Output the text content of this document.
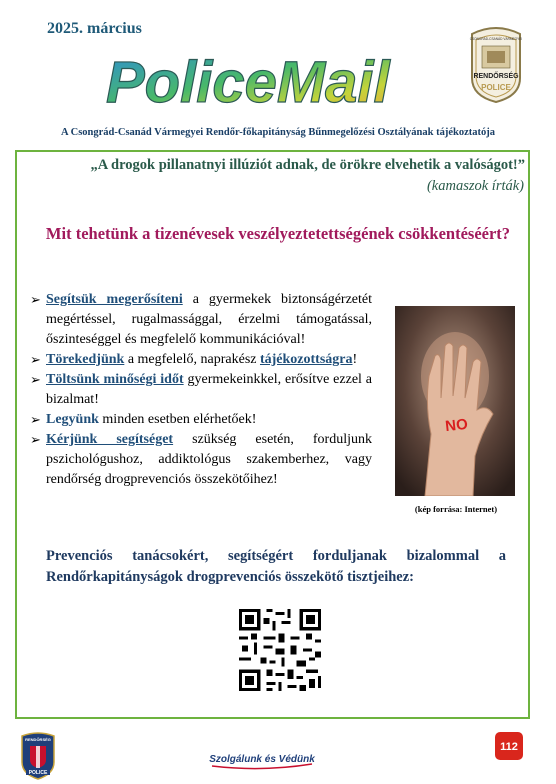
2025. március
PoliceMail
CSONGRÁD-CSANÁD VÁRMEGYEI
RENDŐRSÉG
POLICE
A Csongrád-Csanád Vármegyei Rendőr-főkapitányság Bűnmegelőzési Osztályának tájékoztatója
„A drogok pillanatnyi illúziót adnak, de örökre elvehetik a valóságot!”
(kamaszok írták)
Mit tehetünk a tizenévesek veszélyeztetettségének csökkentéséért?
➢ Segítsük megerősíteni a gyermekek biztonságérzetét megértéssel, rugalmassággal, érzelmi támogatással, őszinteséggel és megfelelő kommunikációval!
➢ Törekedjünk a megfelelő, naprakész tájékozottságra!
➢ Töltsünk minőségi időt gyermekeinkkel, erősítve ezzel a bizalmat!
➢ Legyünk minden esetben elérhetőek!
➢ Kérjünk segítséget szükség esetén, forduljunk pszichológushoz, addiktológus szakemberhez, vagy rendőrség drogprevenciós összekötőihez!
NO
(kép forrása: Internet)
Prevenciós tanácsokért, segítségért forduljanak bizalommal a Rendőrkapitányságok drogprevenciós összekötő tisztjeihez:
RENDŐRSÉG
POLICE
Szolgálunk és Védünk
112
